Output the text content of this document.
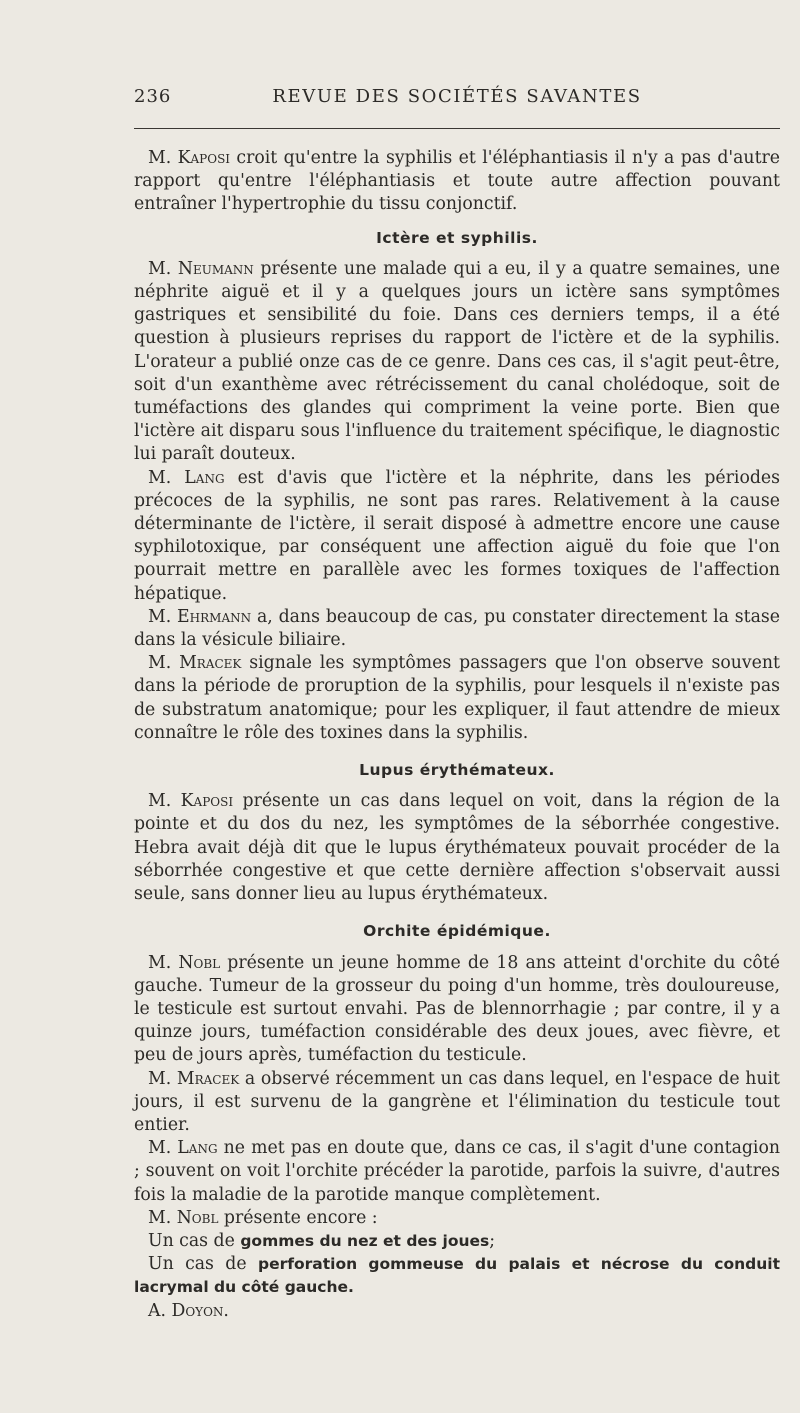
236	REVUE DES SOCIÉTÉS SAVANTES

M. Kaposi croit qu'entre la syphilis et l'éléphantiasis il n'y a pas d'autre rapport qu'entre l'éléphantiasis et toute autre affection pouvant entraîner l'hypertrophie du tissu conjonctif.

Ictère et syphilis.

M. Neumann présente une malade qui a eu, il y a quatre semaines, une néphrite aiguë et il y a quelques jours un ictère sans symptômes gastriques et sensibilité du foie. Dans ces derniers temps, il a été question à plusieurs reprises du rapport de l'ictère et de la syphilis. L'orateur a publié onze cas de ce genre. Dans ces cas, il s'agit peut-être, soit d'un exanthème avec rétrécissement du canal cholédoque, soit de tuméfactions des glandes qui compriment la veine porte. Bien que l'ictère ait disparu sous l'influence du traitement spécifique, le diagnostic lui paraît douteux.

M. Lang est d'avis que l'ictère et la néphrite, dans les périodes précoces de la syphilis, ne sont pas rares. Relativement à la cause déterminante de l'ictère, il serait disposé à admettre encore une cause syphilotoxique, par conséquent une affection aiguë du foie que l'on pourrait mettre en parallèle avec les formes toxiques de l'affection hépatique.

M. Ehrmann a, dans beaucoup de cas, pu constater directement la stase dans la vésicule biliaire.

M. Mracek signale les symptômes passagers que l'on observe souvent dans la période de proruption de la syphilis, pour lesquels il n'existe pas de substratum anatomique; pour les expliquer, il faut attendre de mieux connaître le rôle des toxines dans la syphilis.

Lupus érythémateux.

M. Kaposi présente un cas dans lequel on voit, dans la région de la pointe et du dos du nez, les symptômes de la séborrhée congestive. Hebra avait déjà dit que le lupus érythémateux pouvait procéder de la séborrhée congestive et que cette dernière affection s'observait aussi seule, sans donner lieu au lupus érythémateux.

Orchite épidémique.

M. Nobl présente un jeune homme de 18 ans atteint d'orchite du côté gauche. Tumeur de la grosseur du poing d'un homme, très douloureuse, le testicule est surtout envahi. Pas de blennorrhagie ; par contre, il y a quinze jours, tuméfaction considérable des deux joues, avec fièvre, et peu de jours après, tuméfaction du testicule.

M. Mracek a observé récemment un cas dans lequel, en l'espace de huit jours, il est survenu de la gangrène et l'élimination du testicule tout entier.

M. Lang ne met pas en doute que, dans ce cas, il s'agit d'une contagion ; souvent on voit l'orchite précéder la parotide, parfois la suivre, d'autres fois la maladie de la parotide manque complètement.

M. Nobl présente encore :

Un cas de gommes du nez et des joues;

Un cas de perforation gommeuse du palais et nécrose du conduit lacrymal du côté gauche.

A. Doyon.
